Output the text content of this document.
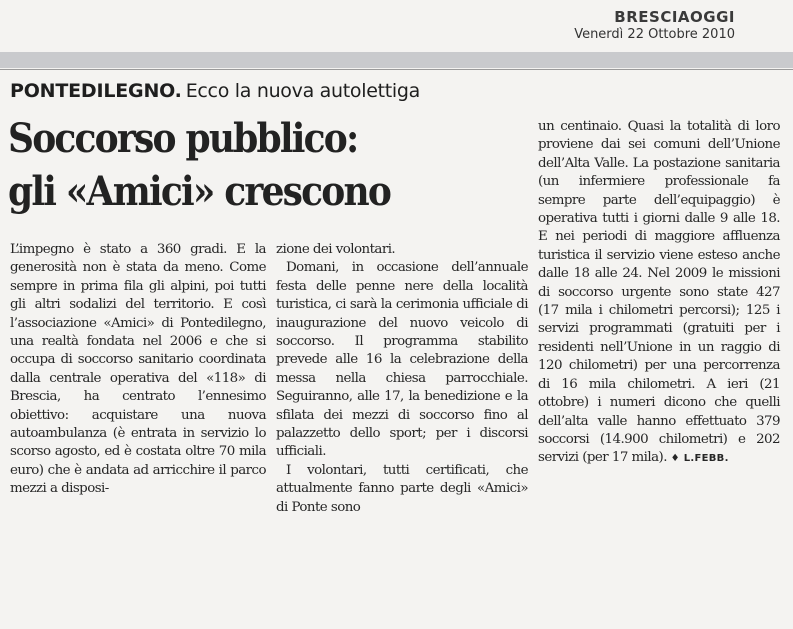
BRESCIAOGGI
Venerdì 22 Ottobre 2010
PONTEDILEGNO. Ecco la nuova autolettiga
Soccorso pubblico:
gli «Amici» crescono

L’impegno è stato a 360 gradi. E la generosità non è stata da meno. Come sempre in prima fila gli alpini, poi tutti gli altri sodalizi del territorio. E così l’associazione «Amici» di Pontedilegno, una realtà fondata nel 2006 e che si occupa di soccorso sanitario coordinata dalla centrale operativa del «118» di Brescia, ha centrato l’ennesimo obiettivo: acquistare una nuova autoambulanza (è entrata in servizio lo scorso agosto, ed è costata oltre 70 mila euro) che è andata ad arricchire il parco mezzi a disposi-

zione dei volontari.

Domani, in occasione dell’annuale festa delle penne nere della località turistica, ci sarà la cerimonia ufficiale di inaugurazione del nuovo veicolo di soccorso. Il programma stabilito prevede alle 16 la celebrazione della messa nella chiesa parrocchiale. Seguiranno, alle 17, la benedizione e la sfilata dei mezzi di soccorso fino al palazzetto dello sport; per i discorsi ufficiali.

I volontari, tutti certificati, che attualmente fanno parte degli «Amici» di Ponte sono

un centinaio. Quasi la totalità di loro proviene dai sei comuni dell’Unione dell’Alta Valle. La postazione sanitaria (un infermiere professionale fa sempre parte dell’equipaggio) è operativa tutti i giorni dalle 9 alle 18. E nei periodi di maggiore affluenza turistica il servizio viene esteso anche dalle 18 alle 24. Nel 2009 le missioni di soccorso urgente sono state 427 (17 mila i chilometri percorsi); 125 i servizi programmati (gratuiti per i residenti nell’Unione in un raggio di 120 chilometri) per una percorrenza di 16 mila chilometri. A ieri (21 ottobre) i numeri dicono che quelli dell’alta valle hanno effettuato 379 soccorsi (14.900 chilometri) e 202 servizi (per 17 mila). ♦ L.FEBB.
